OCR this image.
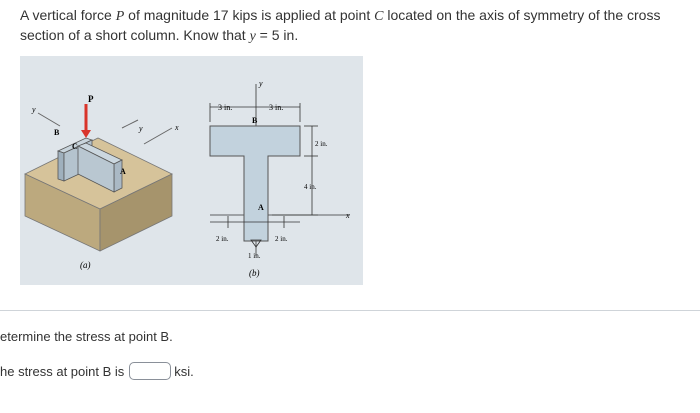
A vertical force P of magnitude 17 kips is applied at point C located on the axis of symmetry of the cross section of a short column. Know that y = 5 in.
P
y
B
C
A
y	x
(a)
y
3 in.	3 in.
B
2 in.
4 in.
x
A
2 in.	2 in.
1 in.
(b)
etermine the stress at point B.
he stress at point B is	ksi.
